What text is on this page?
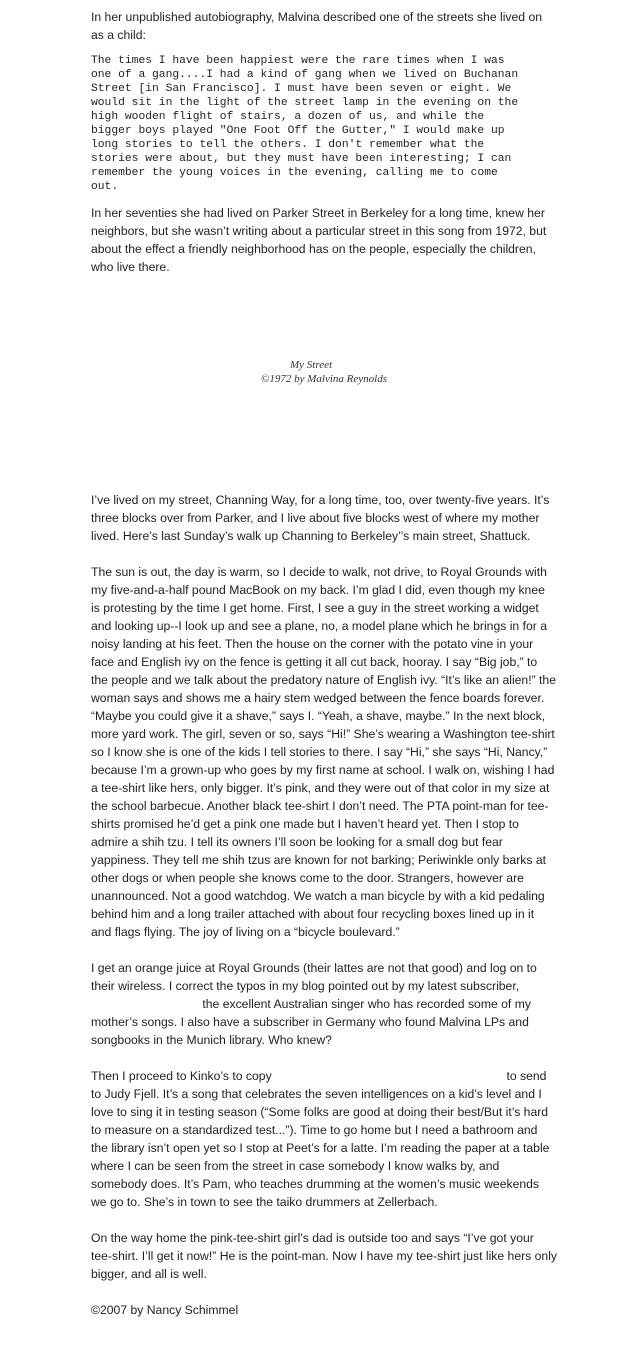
In her unpublished autobiography, Malvina described one of the streets she lived on as a child:

The times I have been happiest were the rare times when I was
one of a gang....I had a kind of gang when we lived on Buchanan
Street [in San Francisco]. I must have been seven or eight. We
would sit in the light of the street lamp in the evening on the
high wooden flight of stairs, a dozen of us, and while the
bigger boys played "One Foot Off the Gutter," I would make up
long stories to tell the others. I don't remember what the
stories were about, but they must have been interesting; I can
remember the young voices in the evening, calling me to come
out.

In her seventies she had lived on Parker Street in Berkeley for a long time, knew her neighbors, but she wasn’t writing about a particular street in this song from 1972, but about the effect a friendly neighborhood has on the people, especially the children, who live there.

My Street
©1972 by Malvina Reynolds

I’ve lived on my street, Channing Way, for a long time, too, over twenty-five years. It’s three blocks over from Parker, and I live about five blocks west of where my mother lived. Here’s last Sunday’s walk up Channing to Berkeley’’s main street, Shattuck.

The sun is out, the day is warm, so I decide to walk, not drive, to Royal Grounds with my five-and-a-half pound MacBook on my back. I’m glad I did, even though my knee is protesting by the time I get home. First, I see a guy in the street working a widget and looking up--I look up and see a plane, no, a model plane which he brings in for a noisy landing at his feet. Then the house on the corner with the potato vine in your face and English ivy on the fence is getting it all cut back, hooray. I say “Big job,” to the people and we talk about the predatory nature of English ivy. “It’s like an alien!” the woman says and shows me a hairy stem wedged between the fence boards forever. “Maybe you could give it a shave,” says I. “Yeah, a shave, maybe.” In the next block, more yard work. The girl, seven or so, says “Hi!” She’s wearing a Washington tee-shirt so I know she is one of the kids I tell stories to there. I say “Hi,” she says “Hi, Nancy,” because I’m a grown-up who goes by my first name at school. I walk on, wishing I had a tee-shirt like hers, only bigger. It’s pink, and they were out of that color in my size at the school barbecue. Another black tee-shirt I don’t need. The PTA point-man for tee-shirts promised he’d get a pink one made but I haven’t heard yet. Then I stop to admire a shih tzu. I tell its owners I’ll soon be looking for a small dog but fear yappiness. They tell me shih tzus are known for not barking; Periwinkle only barks at other dogs or when people she knows come to the door. Strangers, however are unannounced. Not a good watchdog. We watch a man bicycle by with a kid pedaling behind him and a long trailer attached with about four recycling boxes lined up in it and flags flying. The joy of living on a “bicycle boulevard.”

I get an orange juice at Royal Grounds (their lattes are not that good) and log on to their wireless. I correct the typos in my blog pointed out by my latest subscriber,  the excellent Australian singer who has recorded some of my mother’s songs. I also have a subscriber in Germany who found Malvina LPs and songbooks in the Munich library. Who knew?

Then I proceed to Kinko’s to copy	to send to Judy Fjell. It’s a song that celebrates the seven intelligences on a kid’s level and I love to sing it in testing season (“Some folks are good at doing their best/But it’s hard to measure on a standardized test...”). Time to go home but I need a bathroom and the library isn’t open yet so I stop at Peet’s for a latte. I’m reading the paper at a table where I can be seen from the street in case somebody I know walks by, and somebody does. It’s Pam, who teaches drumming at the women’s music weekends we go to. She’s in town to see the taiko drummers at Zellerbach.

On the way home the pink-tee-shirt girl’s dad is outside too and says “I’ve got your tee-shirt. I’ll get it now!” He is the point-man. Now I have my tee-shirt just like hers only bigger, and all is well.

©2007 by Nancy Schimmel
